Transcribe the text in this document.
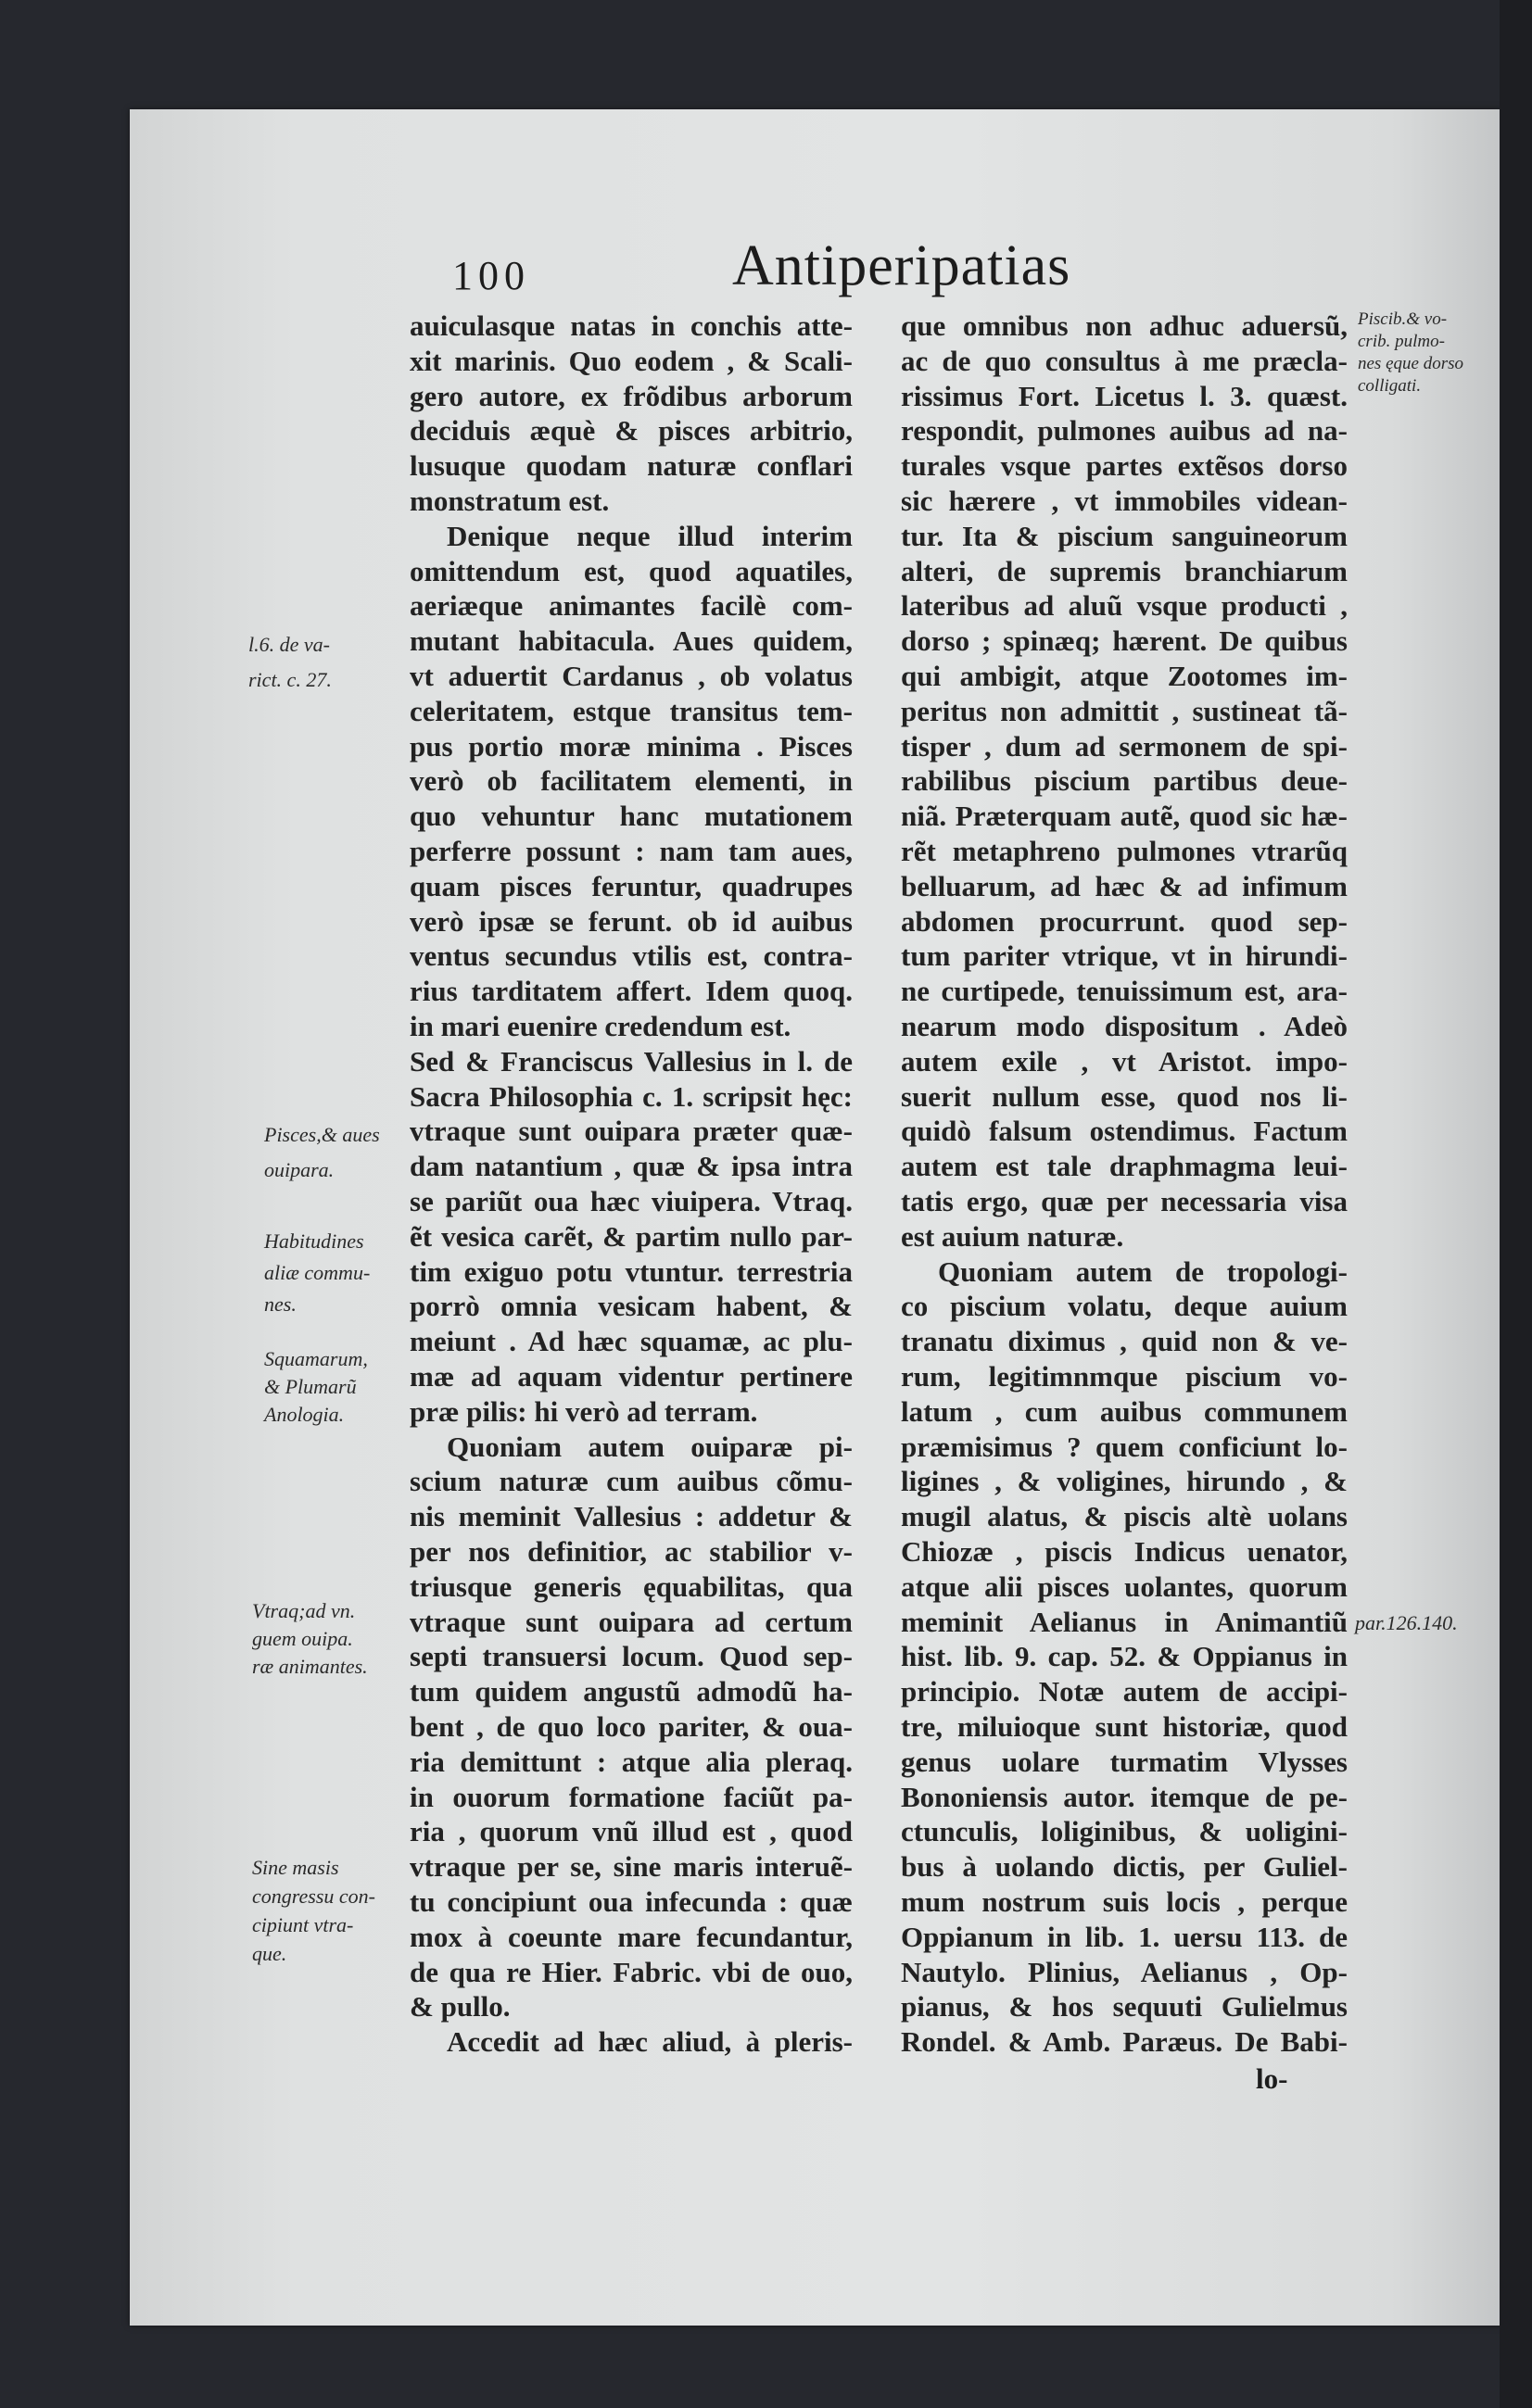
100	Antiperipatias
auiculasque natas in conchis atte-
xit marinis. Quo eodem , & Scali-
gero autore, ex frõdibus arborum
deciduis æquè & pisces arbitrio,
lusuque quodam naturæ conflari
monstratum est.
Denique neque illud interim
omittendum est, quod aquatiles,
aeriæque animantes facilè com-
mutant habitacula. Aues quidem,
vt aduertit Cardanus , ob volatus
celeritatem, estque transitus tem-
pus portio moræ minima . Pisces
verò ob facilitatem elementi, in
quo vehuntur hanc mutationem
perferre possunt : nam tam aues,
quam pisces feruntur, quadrupes
verò ipsæ se ferunt. ob id auibus
ventus secundus vtilis est, contra-
rius tarditatem affert. Idem quoq.
in mari euenire credendum est.
Sed & Franciscus Vallesius in l. de
Sacra Philosophia c. 1. scripsit hęc:
vtraque sunt ouipara præter quæ-
dam natantium , quæ & ipsa intra
se pariũt oua hæc viuipera. Vtraq.
ẽt vesica carẽt, & partim nullo par-
tim exiguo potu vtuntur. terrestria
porrò omnia vesicam habent, &
meiunt . Ad hæc squamæ, ac plu-
mæ ad aquam videntur pertinere
præ pilis: hi verò ad terram.
Quoniam autem ouiparæ pi-
scium naturæ cum auibus cõmu-
nis meminit Vallesius : addetur &
per nos definitior, ac stabilior v-
triusque generis ęquabilitas, qua
vtraque sunt ouipara ad certum
septi transuersi locum. Quod sep-
tum quidem angustũ admodũ ha-
bent , de quo loco pariter, & oua-
ria demittunt : atque alia pleraq.
in ouorum formatione faciũt pa-
ria , quorum vnũ illud est , quod
vtraque per se, sine maris interuẽ-
tu concipiunt oua infecunda : quæ
mox à coeunte mare fecundantur,
de qua re Hier. Fabric. vbi de ouo,
& pullo.
Accedit ad hæc aliud, à pleris-
que omnibus non adhuc aduersũ,
ac de quo consultus à me præcla-
rissimus Fort. Licetus l. 3. quæst.
respondit, pulmones auibus ad na-
turales vsque partes extẽsos dorso
sic hærere , vt immobiles videan-
tur. Ita & piscium sanguineorum
alteri, de supremis branchiarum
lateribus ad aluũ vsque producti ,
dorso ; spinæq; hærent. De quibus
qui ambigit, atque Zootomes im-
peritus non admittit , sustineat tã-
tisper , dum ad sermonem de spi-
rabilibus piscium partibus deue-
niã. Præterquam autẽ, quod sic hæ-
rẽt metaphreno pulmones vtrarũq
belluarum, ad hæc & ad infimum
abdomen procurrunt. quod sep-
tum pariter vtrique, vt in hirundi-
ne curtipede, tenuissimum est, ara-
nearum modo dispositum . Adeò
autem exile , vt Aristot. impo-
suerit nullum esse, quod nos li-
quidò falsum ostendimus. Factum
autem est tale draphmagma leui-
tatis ergo, quæ per necessaria visa
est auium naturæ.
Quoniam autem de tropologi-
co piscium volatu, deque auium
tranatu diximus , quid non & ve-
rum, legitimnmque piscium vo-
latum , cum auibus communem
præmisimus ? quem conficiunt lo-
ligines , & voligines, hirundo , &
mugil alatus, & piscis altè uolans
Chiozæ , piscis Indicus uenator,
atque alii pisces uolantes, quorum
meminit Aelianus in Animantiũ
hist. lib. 9. cap. 52. & Oppianus in
principio. Notæ autem de accipi-
tre, miluioque sunt historiæ, quod
genus uolare turmatim Vlysses
Bononiensis autor. itemque de pe-
ctunculis, loliginibus, & uoligini-
bus à uolando dictis, per Guliel-
mum nostrum suis locis , perque
Oppianum in lib. 1. uersu 113. de
Nautylo. Plinius, Aelianus , Op-
pianus, & hos sequuti Gulielmus
Rondel. & Amb. Paræus. De Babi-
l.6. de va-
rict. c. 27.
Pisces,& aues
ouipara.
Habitudines
aliæ commu-
nes.
Squamarum,
& Plumarũ
Anologia.
Vtraq;ad vn.
guem ouipa.
ræ animantes.
Sine masis
congressu con-
cipiunt vtra-
que.
Piscib.& vo-
crib. pulmo-
nes ęque dorso
colligati.
par.126.140.
lo-
